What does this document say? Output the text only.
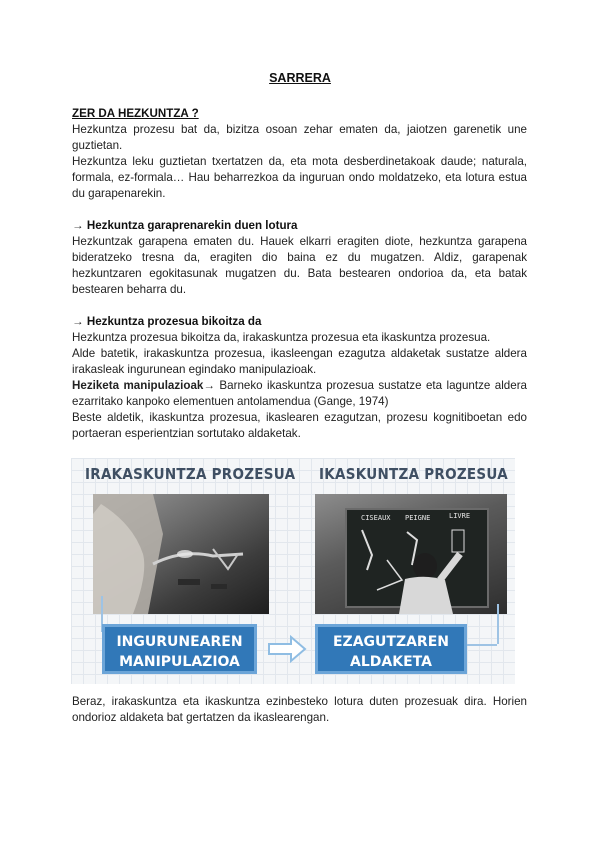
SARRERA

ZER DA HEZKUNTZA ?

Hezkuntza prozesu bat da, bizitza osoan zehar ematen da, jaiotzen garenetik une guztietan.

Hezkuntza leku guztietan txertatzen da, eta mota desberdinetakoak daude; naturala, formala, ez-formala… Hau beharrezkoa da inguruan ondo moldatzeko, eta lotura estua du garapenarekin.

→ Hezkuntza garaprenarekin duen lotura

Hezkuntzak garapena ematen du. Hauek elkarri eragiten diote, hezkuntza garapena bideratzeko tresna da, eragiten dio baina ez du mugatzen. Aldiz, garapenak hezkuntzaren egokitasunak mugatzen du. Bata bestearen ondorioa da, eta batak bestearen beharra du.

→ Hezkuntza prozesua bikoitza da

Hezkuntza prozesua bikoitza da, irakaskuntza prozesua eta ikaskuntza prozesua.

Alde batetik, irakaskuntza prozesua, ikasleengan ezagutza aldaketak sustatze aldera irakasleak ingurunean egindako manipulazioak.

Heziketa manipulazioak→ Barneko ikaskuntza prozesua sustatze eta laguntze aldera ezarritako kanpoko elementuen antolamendua (Gange, 1974)

Beste aldetik, ikaskuntza prozesua, ikaslearen ezagutzan, prozesu kognitiboetan edo portaeran esperientzian sortutako aldaketak.

IRAKASKUNTZA PROZESUA IKASKUNTZA PROZESUA
CISEAUX PEIGNE	LIVRE
INGURUNEAREN
MANIPULAZIOA
EZAGUTZAREN
ALDAKETA

Beraz, irakaskuntza eta ikaskuntza ezinbesteko lotura duten prozesuak dira. Horien ondorioz aldaketa bat gertatzen da ikaslearengan.
